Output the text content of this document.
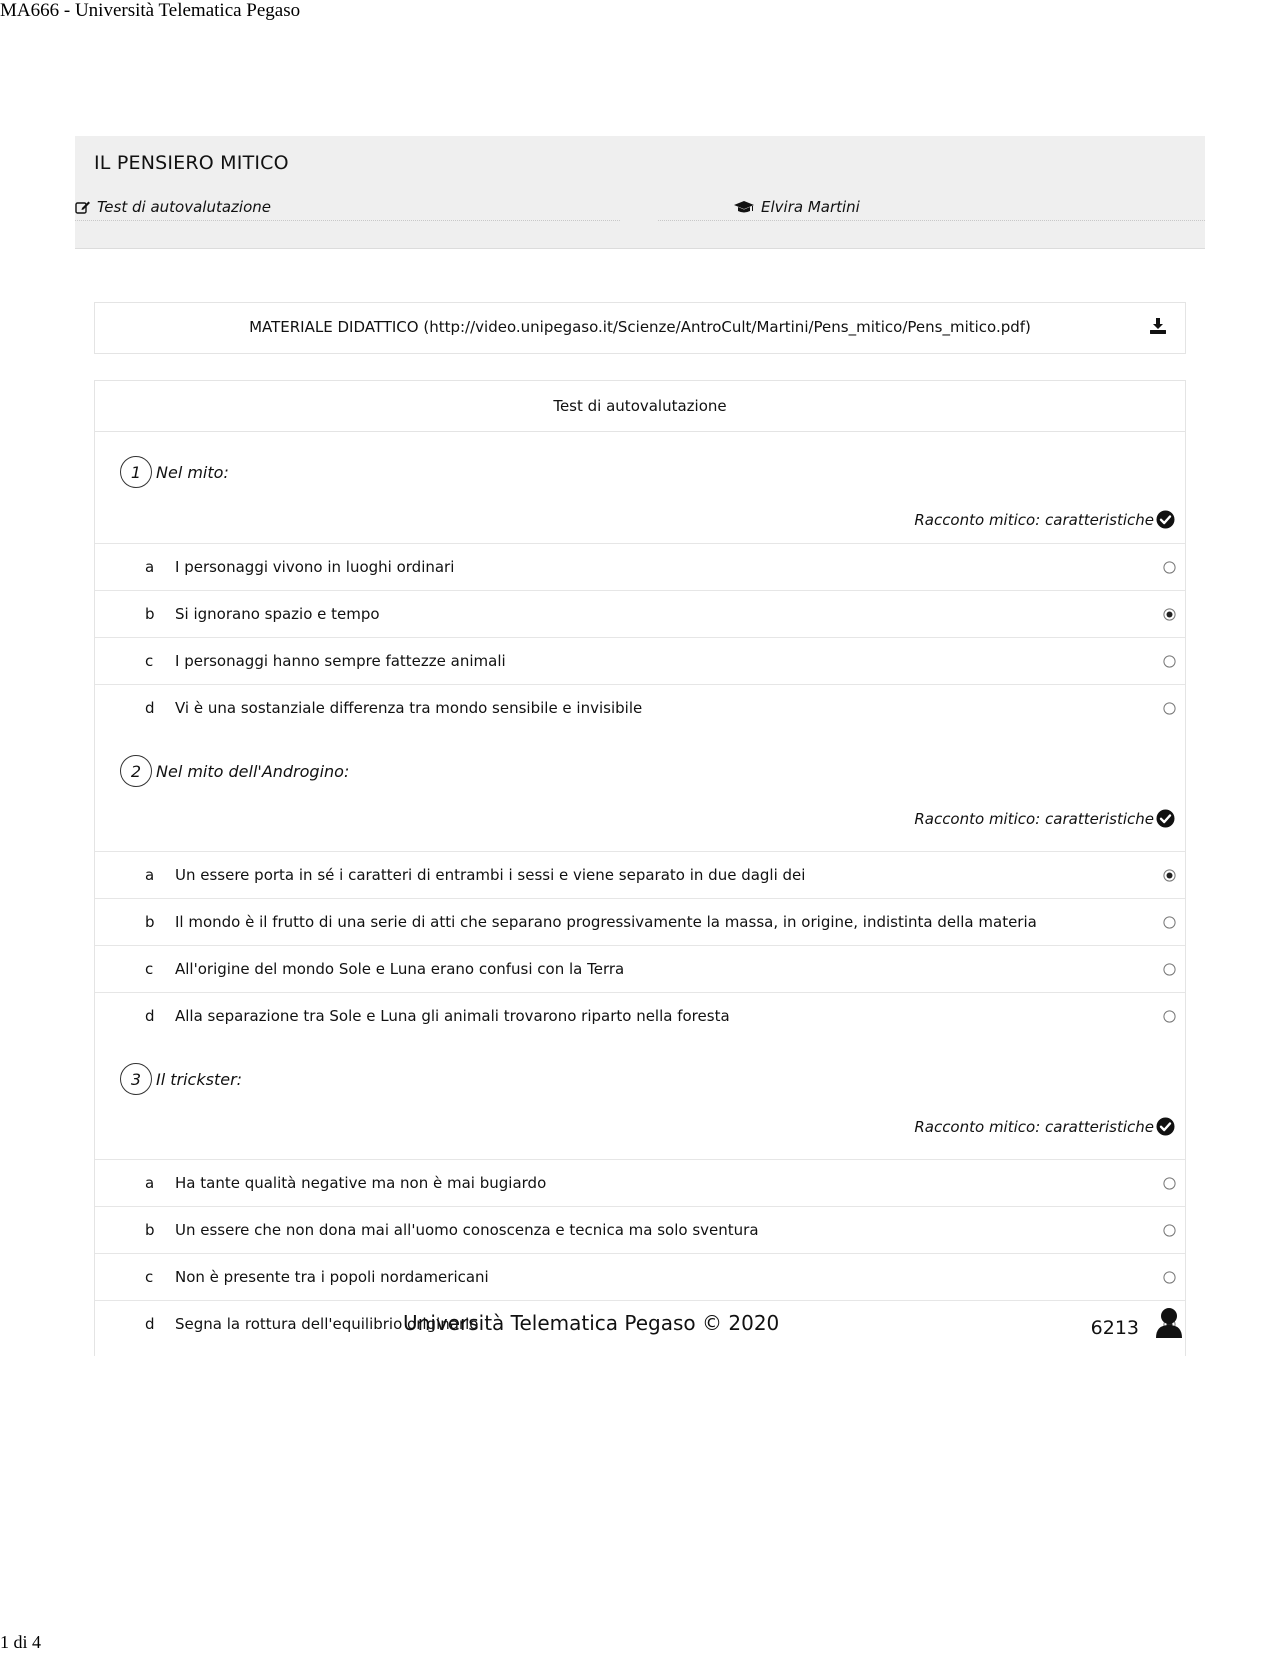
MA666 - Università Telematica Pegaso
IL PENSIERO MITICO
Test di autovalutazione	Elvira Martini
MATERIALE DIDATTICO (http://video.unipegaso.it/Scienze/AntroCult/Martini/Pens_mitico/Pens_mitico.pdf)
Test di autovalutazione
1 Nel mito:
Racconto mitico: caratteristiche
a I personaggi vivono in luoghi ordinari
b Si ignorano spazio e tempo
c I personaggi hanno sempre fattezze animali
d Vi è una sostanziale differenza tra mondo sensibile e invisibile
2 Nel mito dell'Androgino:
Racconto mitico: caratteristiche
a Un essere porta in sé i caratteri di entrambi i sessi e viene separato in due dagli dei
b Il mondo è il frutto di una serie di atti che separano progressivamente la massa, in origine, indistinta della materia
c All'origine del mondo Sole e Luna erano confusi con la Terra
d Alla separazione tra Sole e Luna gli animali trovarono riparto nella foresta
3 Il trickster:
Racconto mitico: caratteristiche
a Ha tante qualità negative ma non è mai bugiardo
b Un essere che non dona mai all'uomo conoscenza e tecnica ma solo sventura
c Non è presente tra i popoli nordamericani
d Segna la rottura dell'equilibrio originario
Università Telematica Pegaso © 2020	6213
1 di 4
